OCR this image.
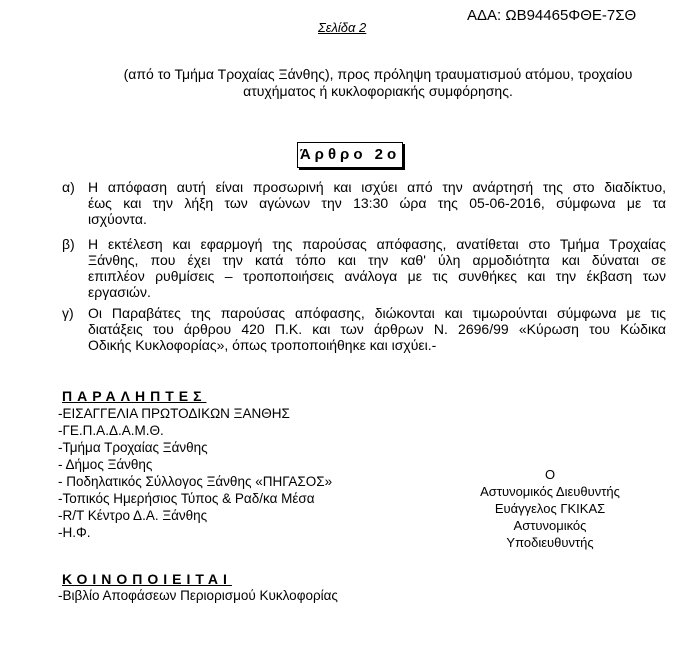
ΑΔΑ: ΩΒ94465ΦΘΕ-7ΣΘ
Σελίδα 2
(από το Τμήμα Τροχαίας Ξάνθης), προς πρόληψη τραυματισμού ατόμου, τροχαίου
ατυχήματος ή κυκλοφοριακής συμφόρησης.
Άρθρο 2ο
α) Η απόφαση αυτή είναι προσωρινή και ισχύει από την ανάρτησή της στο διαδίκτυο,
έως και την λήξη των αγώνων την 13:30 ώρα της 05-06-2016, σύμφωνα με τα
ισχύοντα.
β) Η εκτέλεση και εφαρμογή της παρούσας απόφασης, ανατίθεται στο Τμήμα Τροχαίας
Ξάνθης, που έχει την κατά τόπο και την καθ' ύλη αρμοδιότητα και δύναται σε
επιπλέον ρυθμίσεις – τροποποιήσεις ανάλογα με τις συνθήκες και την έκβαση των
εργασιών.
γ) Οι Παραβάτες της παρούσας απόφασης, διώκονται και τιμωρούνται σύμφωνα με τις
διατάξεις του άρθρου 420 Π.Κ. και των άρθρων Ν. 2696/99 «Κύρωση του Κώδικα
Οδικής Κυκλοφορίας», όπως τροποποιήθηκε και ισχύει.-
ΠΑΡΑΛΗΠΤΕΣ
-ΕΙΣΑΓΓΕΛΙΑ ΠΡΩΤΟΔΙΚΩΝ ΞΑΝΘΗΣ
-ΓΕ.Π.Α.Δ.Α.Μ.Θ.
-Τμήμα Τροχαίας Ξάνθης
- Δήμος Ξάνθης
- Ποδηλατικός Σύλλογος Ξάνθης «ΠΗΓΑΣΟΣ»
-Τοπικός Ημερήσιος Τύπος & Ραδ/κα Μέσα
-R/T Κέντρο Δ.Α. Ξάνθης
-Η.Φ.
Ο
Αστυνομικός Διευθυντής
Ευάγγελος ΓΚΙΚΑΣ
Αστυνομικός
Υποδιευθυντής
ΚΟΙΝΟΠΟΙΕΙΤΑΙ
-Βιβλίο Αποφάσεων Περιορισμού Κυκλοφορίας
